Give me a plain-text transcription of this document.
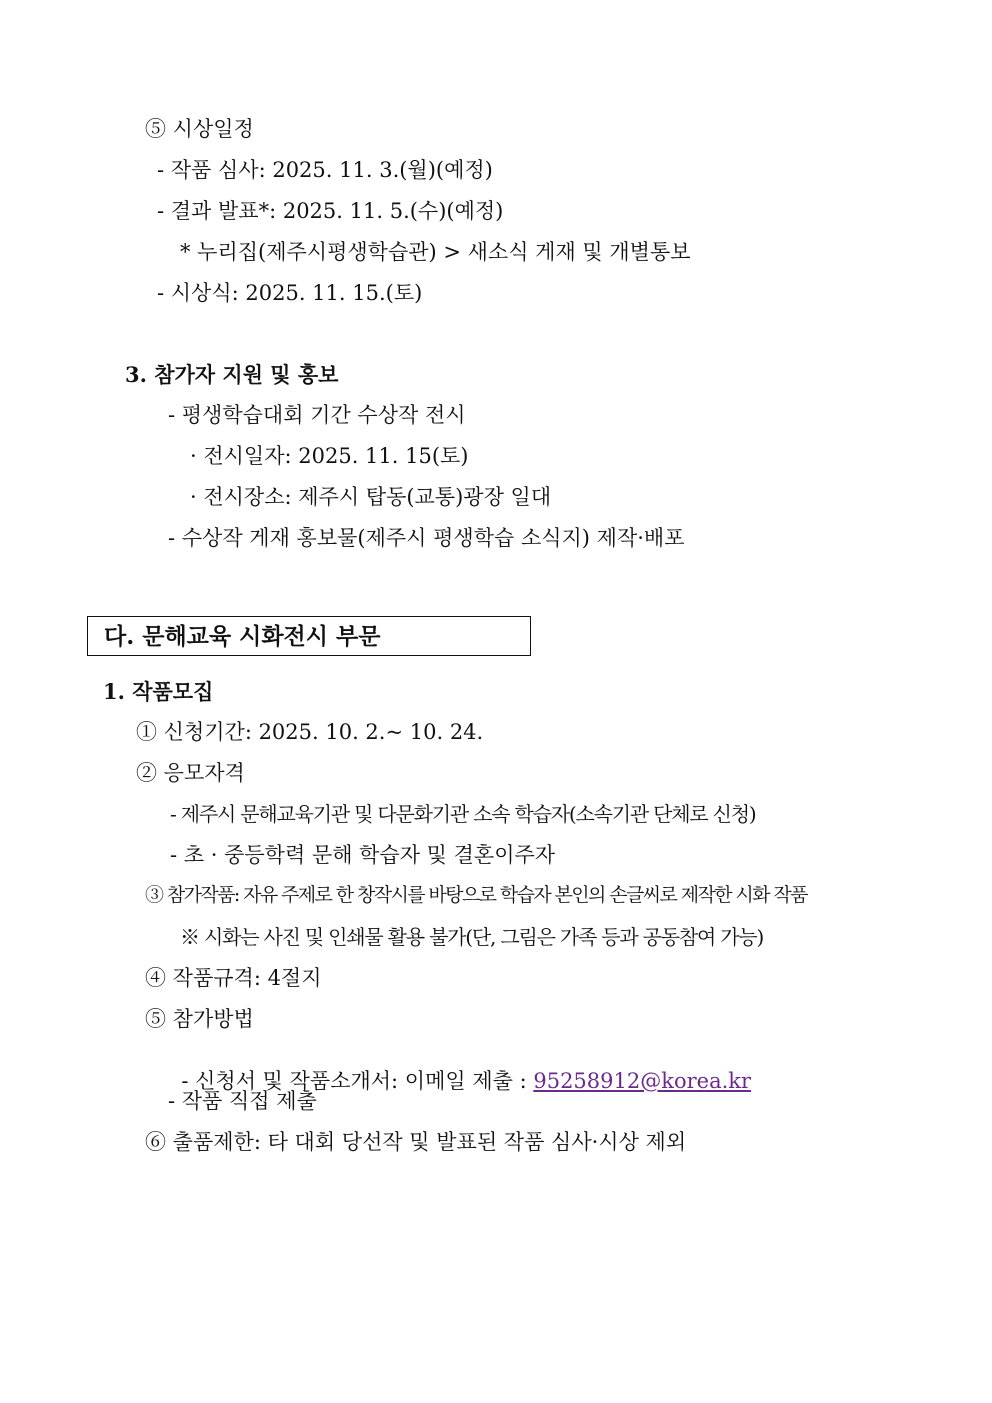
⑤ 시상일정
- 작품 심사: 2025. 11. 3.(월)(예정)
- 결과 발표*: 2025. 11. 5.(수)(예정)
* 누리집(제주시평생학습관) > 새소식 게재 및 개별통보
- 시상식: 2025. 11. 15.(토)
3. 참가자 지원 및 홍보
- 평생학습대회 기간 수상작 전시
· 전시일자: 2025. 11. 15(토)
· 전시장소: 제주시 탑동(교통)광장 일대
- 수상작 게재 홍보물(제주시 평생학습 소식지) 제작·배포
다. 문해교육 시화전시 부문
1. 작품모집
① 신청기간: 2025. 10. 2.~ 10. 24.
② 응모자격
- 제주시 문해교육기관 및 다문화기관 소속 학습자(소속기관 단체로 신청)
- 초 · 중등학력 문해 학습자 및 결혼이주자
③ 참가작품: 자유 주제로 한 창작시를 바탕으로 학습자 본인의 손글씨로 제작한 시화 작품
※ 시화는 사진 및 인쇄물 활용 불가(단, 그림은 가족 등과 공동참여 가능)
④ 작품규격: 4절지
⑤ 참가방법

- 신청서 및 작품소개서: 이메일 제출 : 95258912@korea.kr

- 작품 직접 제출
⑥ 출품제한: 타 대회 당선작 및 발표된 작품 심사·시상 제외
